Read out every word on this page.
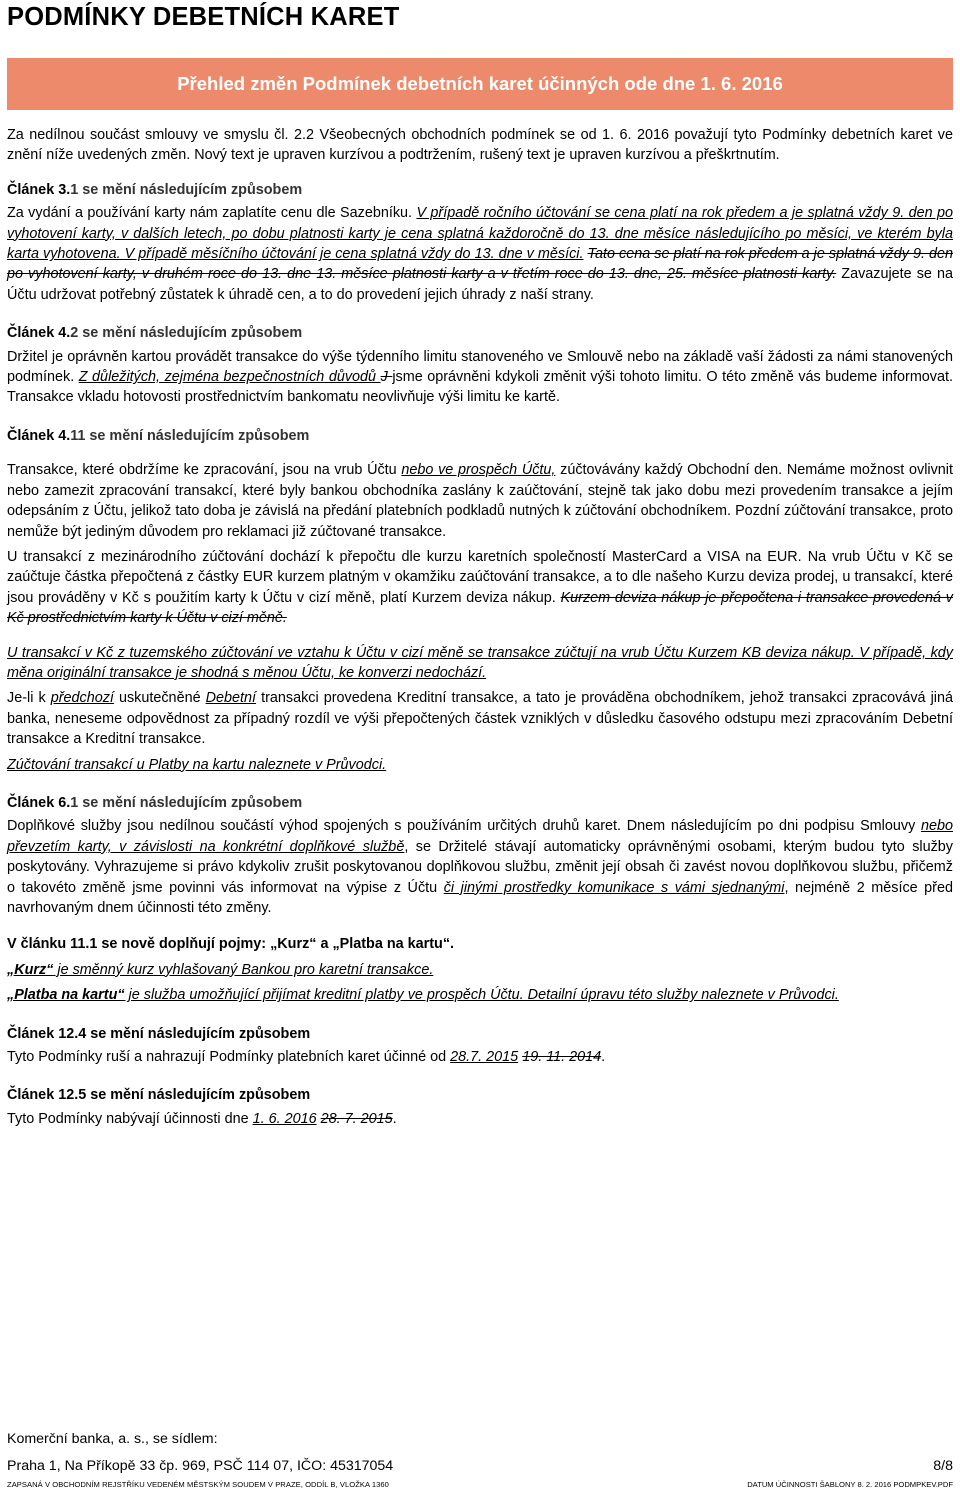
PODMÍNKY DEBETNÍCH KARET
Přehled změn Podmínek debetních karet účinných ode dne 1. 6. 2016

Za nedílnou součást smlouvy ve smyslu čl. 2.2 Všeobecných obchodních podmínek se od 1. 6. 2016 považují tyto Podmínky debetních karet ve znění níže uvedených změn. Nový text je upraven kurzívou a podtržením, rušený text je upraven kurzívou a přeškrtnutím.

Článek 3.1 se mění následujícím způsobem

Za vydání a používání karty nám zaplatíte cenu dle Sazebníku. V případě ročního účtování se cena platí na rok předem a je splatná vždy 9. den po vyhotovení karty, v dalších letech, po dobu platnosti karty je cena splatná každoročně do 13. dne měsíce následujícího po měsíci, ve kterém byla karta vyhotovena. V případě měsíčního účtování je cena splatná vždy do 13. dne v měsíci. Tato cena se platí na rok předem a je splatná vždy 9. den po vyhotovení karty, v druhém roce do 13. dne 13. měsíce platnosti karty a v třetím roce do 13. dne, 25. měsíce platnosti karty. Zavazujete se na Účtu udržovat potřebný zůstatek k úhradě cen, a to do provedení jejich úhrady z naší strany.

Článek 4.2 se mění následujícím způsobem

Držitel je oprávněn kartou provádět transakce do výše týdenního limitu stanoveného ve Smlouvě nebo na základě vaší žádosti za námi stanovených podmínek. Z důležitých, zejména bezpečnostních důvodů J jsme oprávněni kdykoli změnit výši tohoto limitu. O této změně vás budeme informovat. Transakce vkladu hotovosti prostřednictvím bankomatu neovlivňuje výši limitu ke kartě.

Článek 4.11 se mění následujícím způsobem

Transakce, které obdržíme ke zpracování, jsou na vrub Účtu nebo ve prospěch Účtu, zúčtovávány každý Obchodní den. Nemáme možnost ovlivnit nebo zamezit zpracování transakcí, které byly bankou obchodníka zaslány k zaúčtování, stejně tak jako dobu mezi provedením transakce a jejím odepsáním z Účtu, jelikož tato doba je závislá na předání platebních podkladů nutných k zúčtování obchodníkem. Pozdní zúčtování transakce, proto nemůže být jediným důvodem pro reklamaci již zúčtované transakce.

U transakcí z mezinárodního zúčtování dochází k přepočtu dle kurzu karetních společností MasterCard a VISA na EUR. Na vrub Účtu v Kč se zaúčtuje částka přepočtená z částky EUR kurzem platným v okamžiku zaúčtování transakce, a to dle našeho Kurzu deviza prodej, u transakcí, které jsou prováděny v Kč s použitím karty k Účtu v cizí měně, platí Kurzem deviza nákup. Kurzem deviza nákup je přepočtena i transakce provedená v Kč prostřednictvím karty k Účtu v cizí měně.

U transakcí v Kč z tuzemského zúčtování ve vztahu k Účtu v cizí měně se transakce zúčtují na vrub Účtu Kurzem KB deviza nákup. V případě, kdy měna originální transakce je shodná s měnou Účtu, ke konverzi nedochází.

Je-li k předchozí uskutečněné Debetní transakci provedena Kreditní transakce, a tato je prováděna obchodníkem, jehož transakci zpracovává jiná banka, neneseme odpovědnost za případný rozdíl ve výši přepočtených částek vzniklých v důsledku časového odstupu mezi zpracováním Debetní transakce a Kreditní transakce.

Zúčtování transakcí u Platby na kartu naleznete v Průvodci.

Článek 6.1 se mění následujícím způsobem

Doplňkové služby jsou nedílnou součástí výhod spojených s používáním určitých druhů karet. Dnem následujícím po dni podpisu Smlouvy nebo převzetím karty, v závislosti na konkrétní doplňkové službě, se Držitelé stávají automaticky oprávněnými osobami, kterým budou tyto služby poskytovány. Vyhrazujeme si právo kdykoliv zrušit poskytovanou doplňkovou službu, změnit její obsah či zavést novou doplňkovou službu, přičemž o takovéto změně jsme povinni vás informovat na výpise z Účtu či jinými prostředky komunikace s vámi sjednanými, nejméně 2 měsíce před navrhovaným dnem účinnosti této změny.

V článku 11.1 se nově doplňují pojmy: „Kurz“ a „Platba na kartu“.

„Kurz“ je směnný kurz vyhlašovaný Bankou pro karetní transakce.

„Platba na kartu“ je služba umožňující přijímat kreditní platby ve prospěch Účtu. Detailní úpravu této služby naleznete v Průvodci.

Článek 12.4 se mění následujícím způsobem

Tyto Podmínky ruší a nahrazují Podmínky platebních karet účinné od 28.7. 2015 19. 11. 2014.

Článek 12.5 se mění následujícím způsobem

Tyto Podmínky nabývají účinnosti dne 1. 6. 2016 28. 7. 2015.

Komerční banka, a. s., se sídlem:
Praha 1, Na Příkopě 33 čp. 969, PSČ 114 07, IČO: 45317054	8/8
ZAPSANÁ V OBCHODNÍM REJSTŘÍKU VEDENÉM MĚSTSKÝM SOUDEM V PRAZE, ODDÍL B, VLOŽKA 1360	DATUM ÚČINNOSTI ŠABLONY 8. 2. 2016 PODMPKEV.PDF
